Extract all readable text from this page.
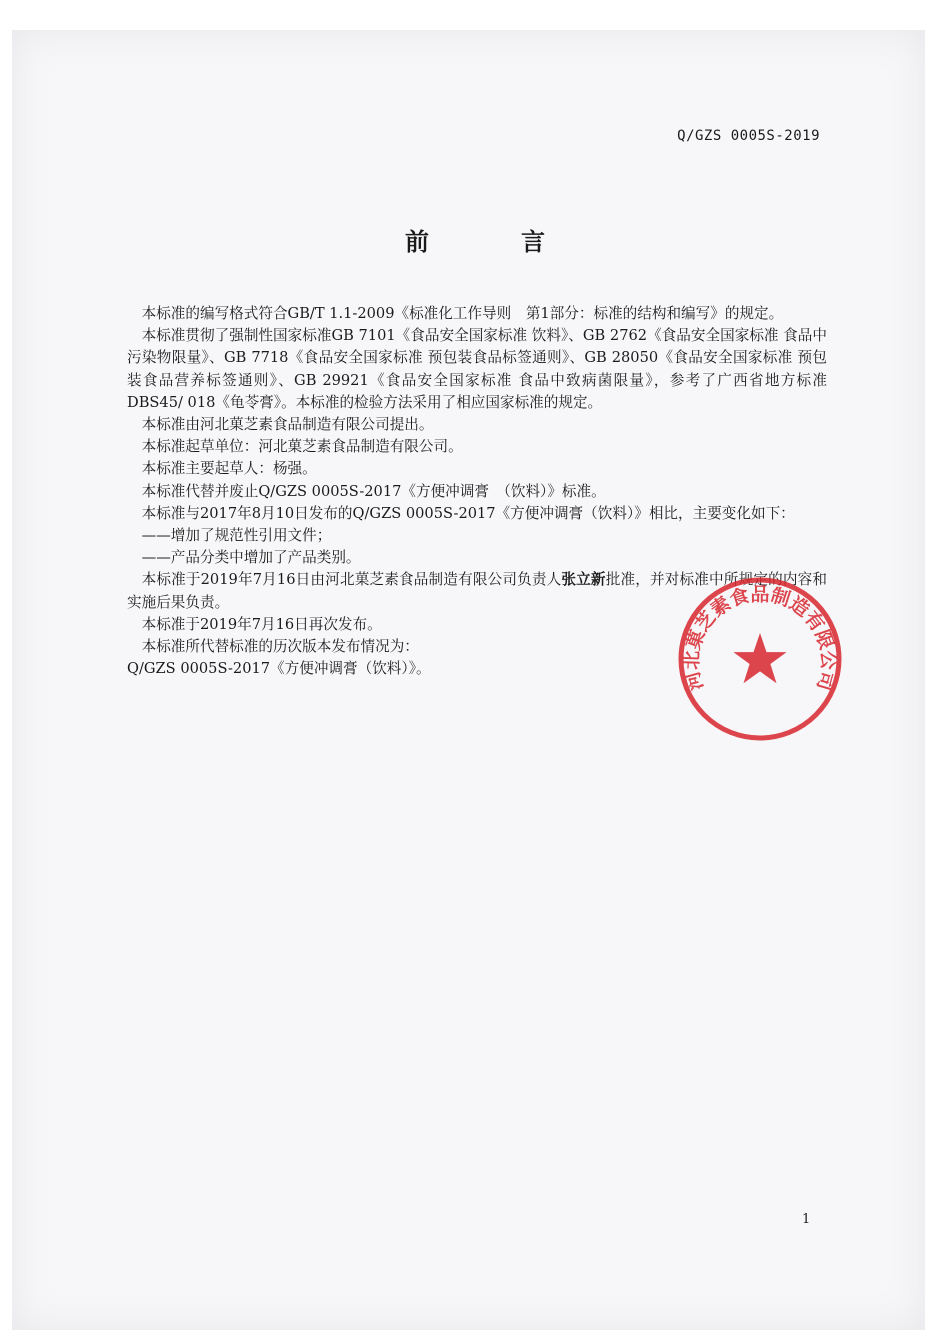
Q/GZS 0005S-2019
前言

本标准的编写格式符合GB/T 1.1-2009《标准化工作导则　第1部分：标准的结构和编写》的规定。

本标准贯彻了强制性国家标准GB 7101《食品安全国家标准 饮料》、GB 2762《食品安全国家标准 食品中污染物限量》、GB 7718《食品安全国家标准 预包装食品标签通则》、GB 28050《食品安全国家标准 预包装食品营养标签通则》、GB 29921《食品安全国家标准 食品中致病菌限量》，参考了广西省地方标准DBS45/ 018《龟苓膏》。本标准的检验方法采用了相应国家标准的规定。

本标准由河北菓芝素食品制造有限公司提出。

本标准起草单位：河北菓芝素食品制造有限公司。

本标准主要起草人：杨强。

本标准代替并废止Q/GZS 0005S-2017《方便冲调膏　（饮料）》标准。

本标准与2017年8月10日发布的Q/GZS 0005S-2017《方便冲调膏（饮料）》相比，主要变化如下：

——增加了规范性引用文件；

——产品分类中增加了产品类别。

本标准于2019年7月16日由河北菓芝素食品制造有限公司负责人张立新批准，并对标准中所规定的内容和实施后果负责。

本标准于2019年7月16日再次发布。

本标准所代替标准的历次版本发布情况为：

Q/GZS 0005S-2017《方便冲调膏（饮料）》。	河北菓芝素食品制造有限公司
1
